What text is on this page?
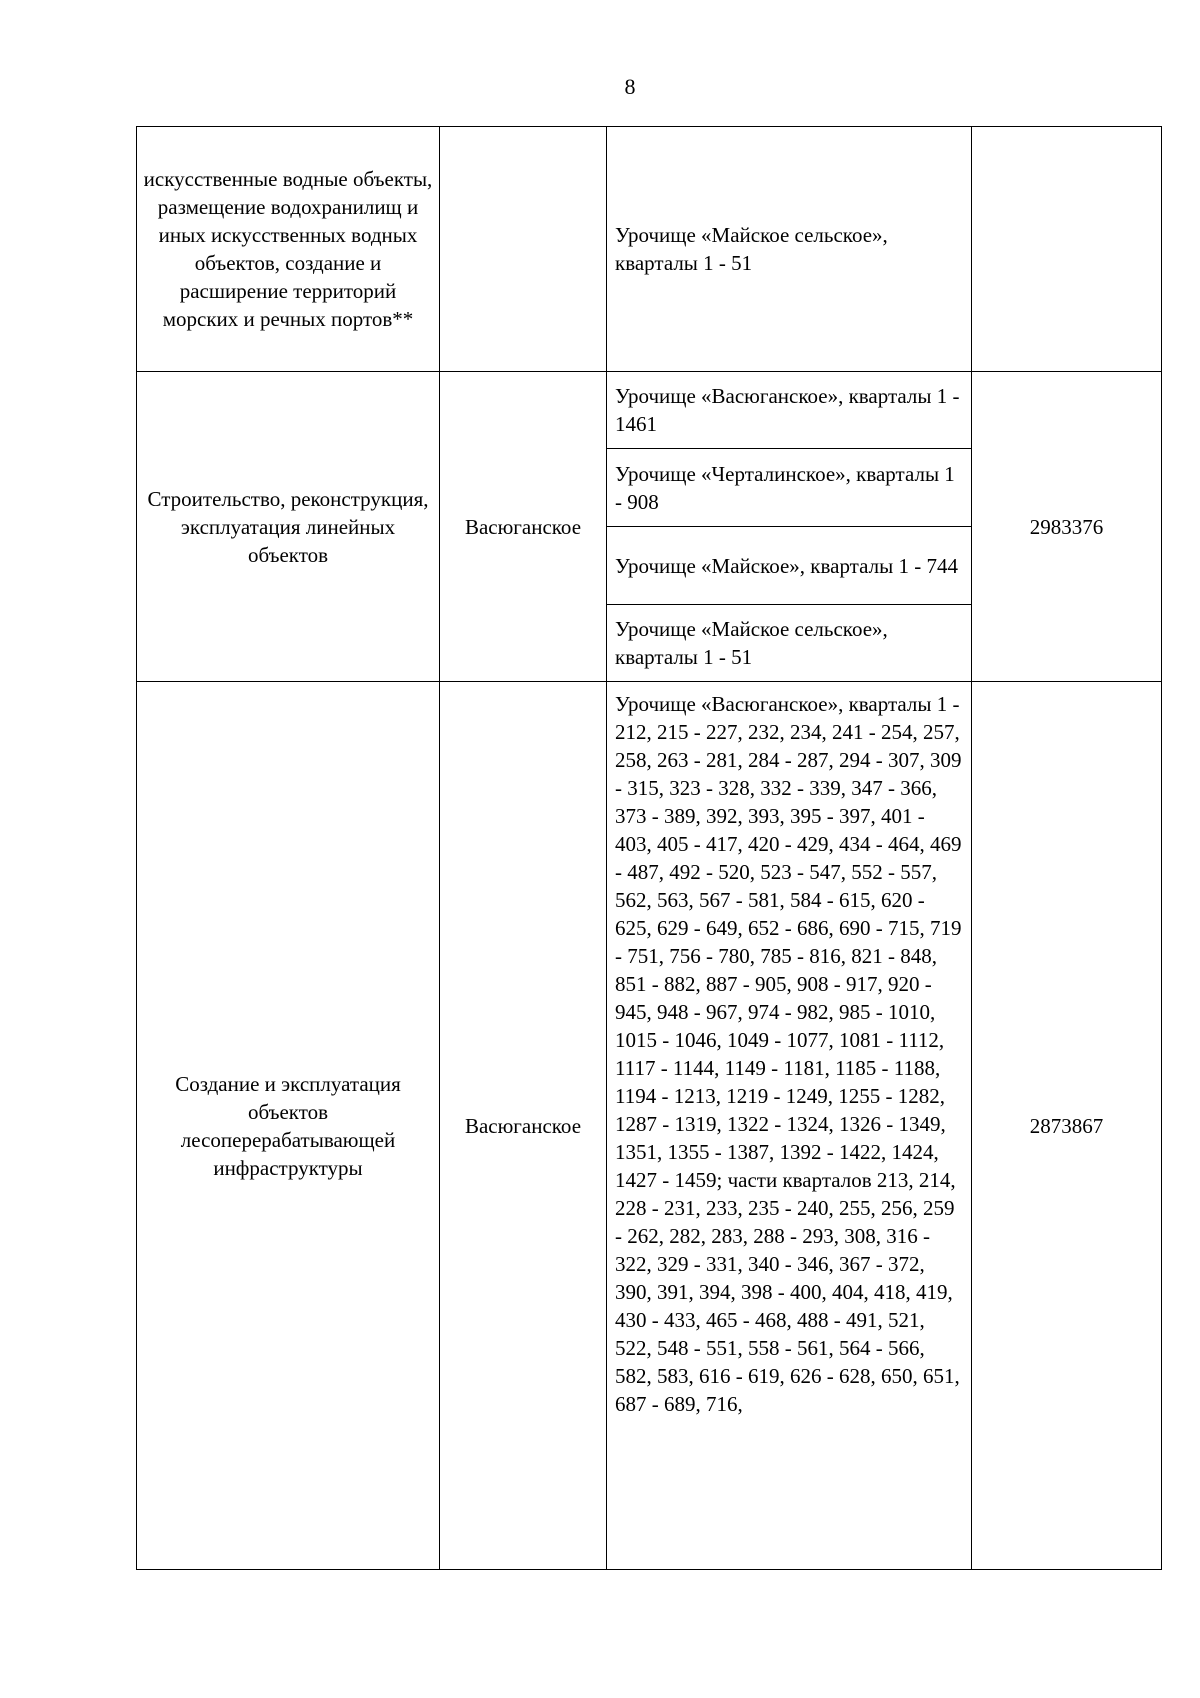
8
искусственные водные объекты, размещение водохранилищ и иных искусственных водных объектов, создание и расширение территорий морских и речных портов**		Урочище «Майское сельское», кварталы 1 - 51	
Строительство, реконструкция, эксплуатация линейных объектов	Васюганское	Урочище «Васюганское», кварталы 1 - 1461	2983376
		Урочище «Черталинское», кварталы 1 - 908	
		Урочище «Майское», кварталы 1 - 744	
		Урочище «Майское сельское», кварталы 1 - 51	
Создание и эксплуатация объектов лесоперерабатывающей инфраструктуры	Васюганское	Урочище «Васюганское», кварталы 1 - 212, 215 - 227, 232, 234, 241 - 254, 257, 258, 263 - 281, 284 - 287, 294 - 307, 309 - 315, 323 - 328, 332 - 339, 347 - 366, 373 - 389, 392, 393, 395 - 397, 401 - 403, 405 - 417, 420 - 429, 434 - 464, 469 - 487, 492 - 520, 523 - 547, 552 - 557, 562, 563, 567 - 581, 584 - 615, 620 - 625, 629 - 649, 652 - 686, 690 - 715, 719 - 751, 756 - 780, 785 - 816, 821 - 848, 851 - 882, 887 - 905, 908 - 917, 920 - 945, 948 - 967, 974 - 982, 985 - 1010, 1015 - 1046, 1049 - 1077, 1081 - 1112, 1117 - 1144, 1149 - 1181, 1185 - 1188, 1194 - 1213, 1219 - 1249, 1255 - 1282, 1287 - 1319, 1322 - 1324, 1326 - 1349, 1351, 1355 - 1387, 1392 - 1422, 1424, 1427 - 1459; части кварталов 213, 214, 228 - 231, 233, 235 - 240, 255, 256, 259 - 262, 282, 283, 288 - 293, 308, 316 - 322, 329 - 331, 340 - 346, 367 - 372, 390, 391, 394, 398 - 400, 404, 418, 419, 430 - 433, 465 - 468, 488 - 491, 521, 522, 548 - 551, 558 - 561, 564 - 566, 582, 583, 616 - 619, 626 - 628, 650, 651, 687 - 689, 716,	2873867
